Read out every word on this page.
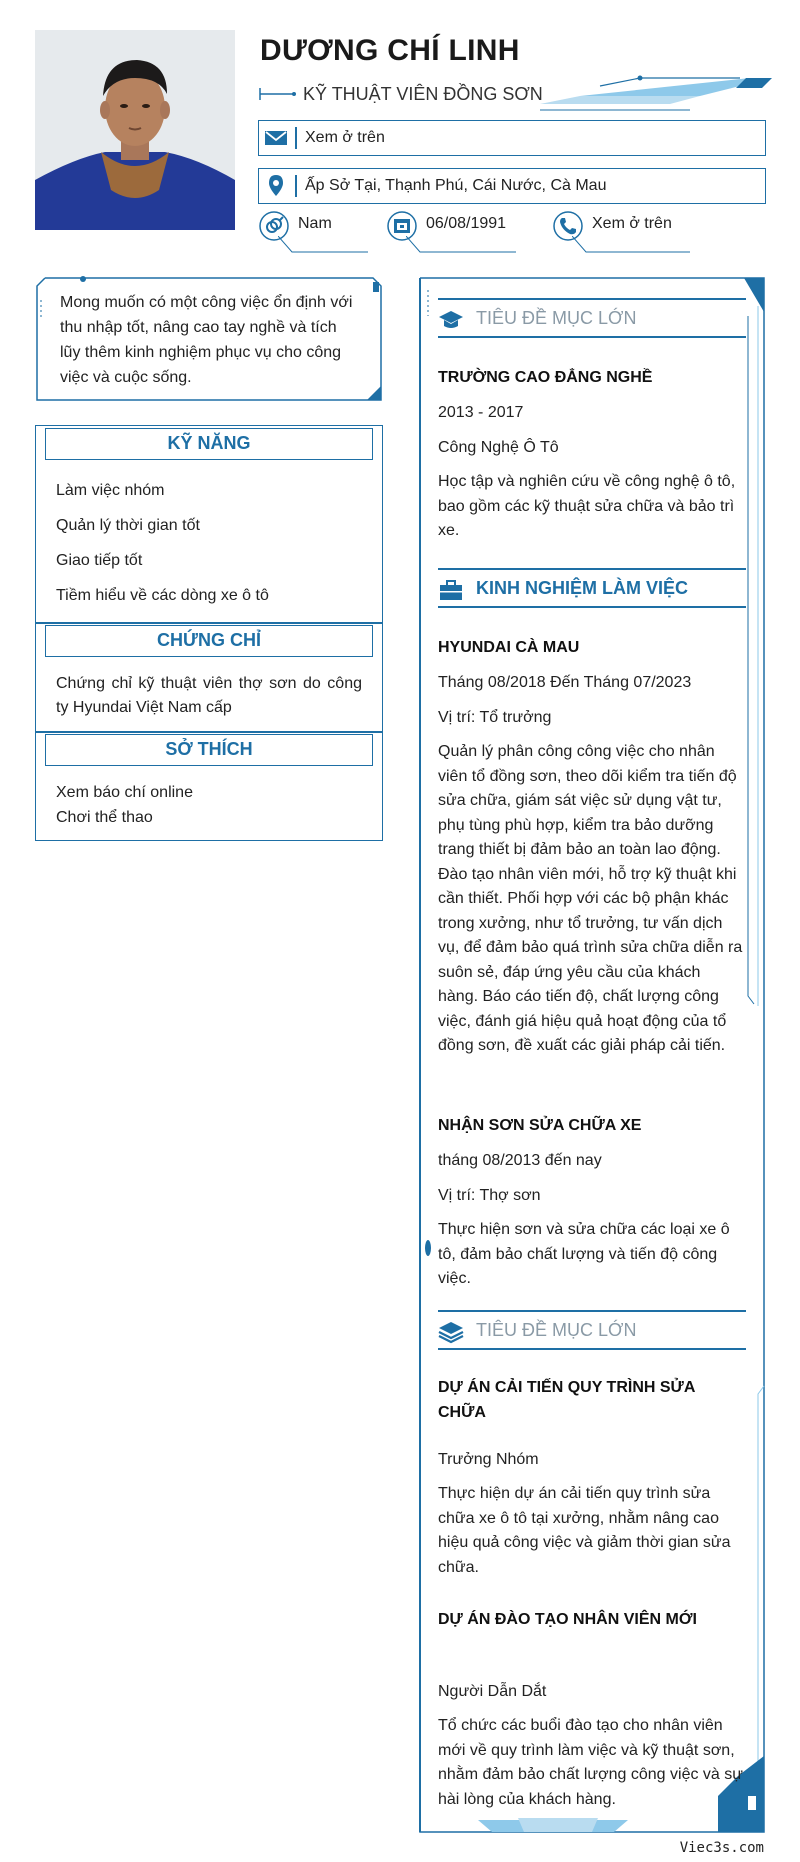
DƯƠNG CHÍ LINH
KỸ THUẬT VIÊN ĐỒNG SƠN
Xem ở trên
Ấp Sở Tại, Thạnh Phú, Cái Nước, Cà Mau
Nam	06/08/1991	Xem ở trên
Mong muốn có một công việc ổn định với thu nhập tốt, nâng cao tay nghề và tích lũy thêm kinh nghiệm phục vụ cho công việc và cuộc sống.
KỸ NĂNG
Làm việc nhóm
Quản lý thời gian tốt
Giao tiếp tốt
Tiềm hiểu về các dòng xe ô tô
CHỨNG CHỈ
Chứng chỉ kỹ thuật viên thợ sơn do công ty Hyundai Việt Nam cấp
SỞ THÍCH
Xem báo chí online
Chơi thể thao
TIÊU ĐỀ MỤC LỚN
TRƯỜNG CAO ĐẲNG NGHỀ
2013 - 2017
Công Nghệ Ô Tô
Học tập và nghiên cứu về công nghệ ô tô, bao gồm các kỹ thuật sửa chữa và bảo trì xe.
KINH NGHIỆM LÀM VIỆC
HYUNDAI CÀ MAU
Tháng 08/2018 Đến Tháng 07/2023
Vị trí: Tổ trưởng
Quản lý phân công công việc cho nhân viên tổ đồng sơn, theo dõi kiểm tra tiến độ sửa chữa, giám sát việc sử dụng vật tư, phụ tùng phù hợp, kiểm tra bảo dưỡng trang thiết bị đảm bảo an toàn lao động. Đào tạo nhân viên mới, hỗ trợ kỹ thuật khi cần thiết. Phối hợp với các bộ phận khác trong xưởng, như tổ trưởng, tư vấn dịch vụ, để đảm bảo quá trình sửa chữa diễn ra suôn sẻ, đáp ứng yêu cầu của khách hàng. Báo cáo tiến độ, chất lượng công việc, đánh giá hiệu quả hoạt động của tổ đồng sơn, đề xuất các giải pháp cải tiến.
NHẬN SƠN SỬA CHỮA XE
tháng 08/2013 đến nay
Vị trí: Thợ sơn
Thực hiện sơn và sửa chữa các loại xe ô tô, đảm bảo chất lượng và tiến độ công việc.
TIÊU ĐỀ MỤC LỚN
DỰ ÁN CẢI TIẾN QUY TRÌNH SỬA CHỮA
Trưởng Nhóm
Thực hiện dự án cải tiến quy trình sửa chữa xe ô tô tại xưởng, nhằm nâng cao hiệu quả công việc và giảm thời gian sửa chữa.
DỰ ÁN ĐÀO TẠO NHÂN VIÊN MỚI
Người Dẫn Dắt
Tổ chức các buổi đào tạo cho nhân viên mới về quy trình làm việc và kỹ thuật sơn, nhằm đảm bảo chất lượng công việc và sự hài lòng của khách hàng.
Viec3s.com
